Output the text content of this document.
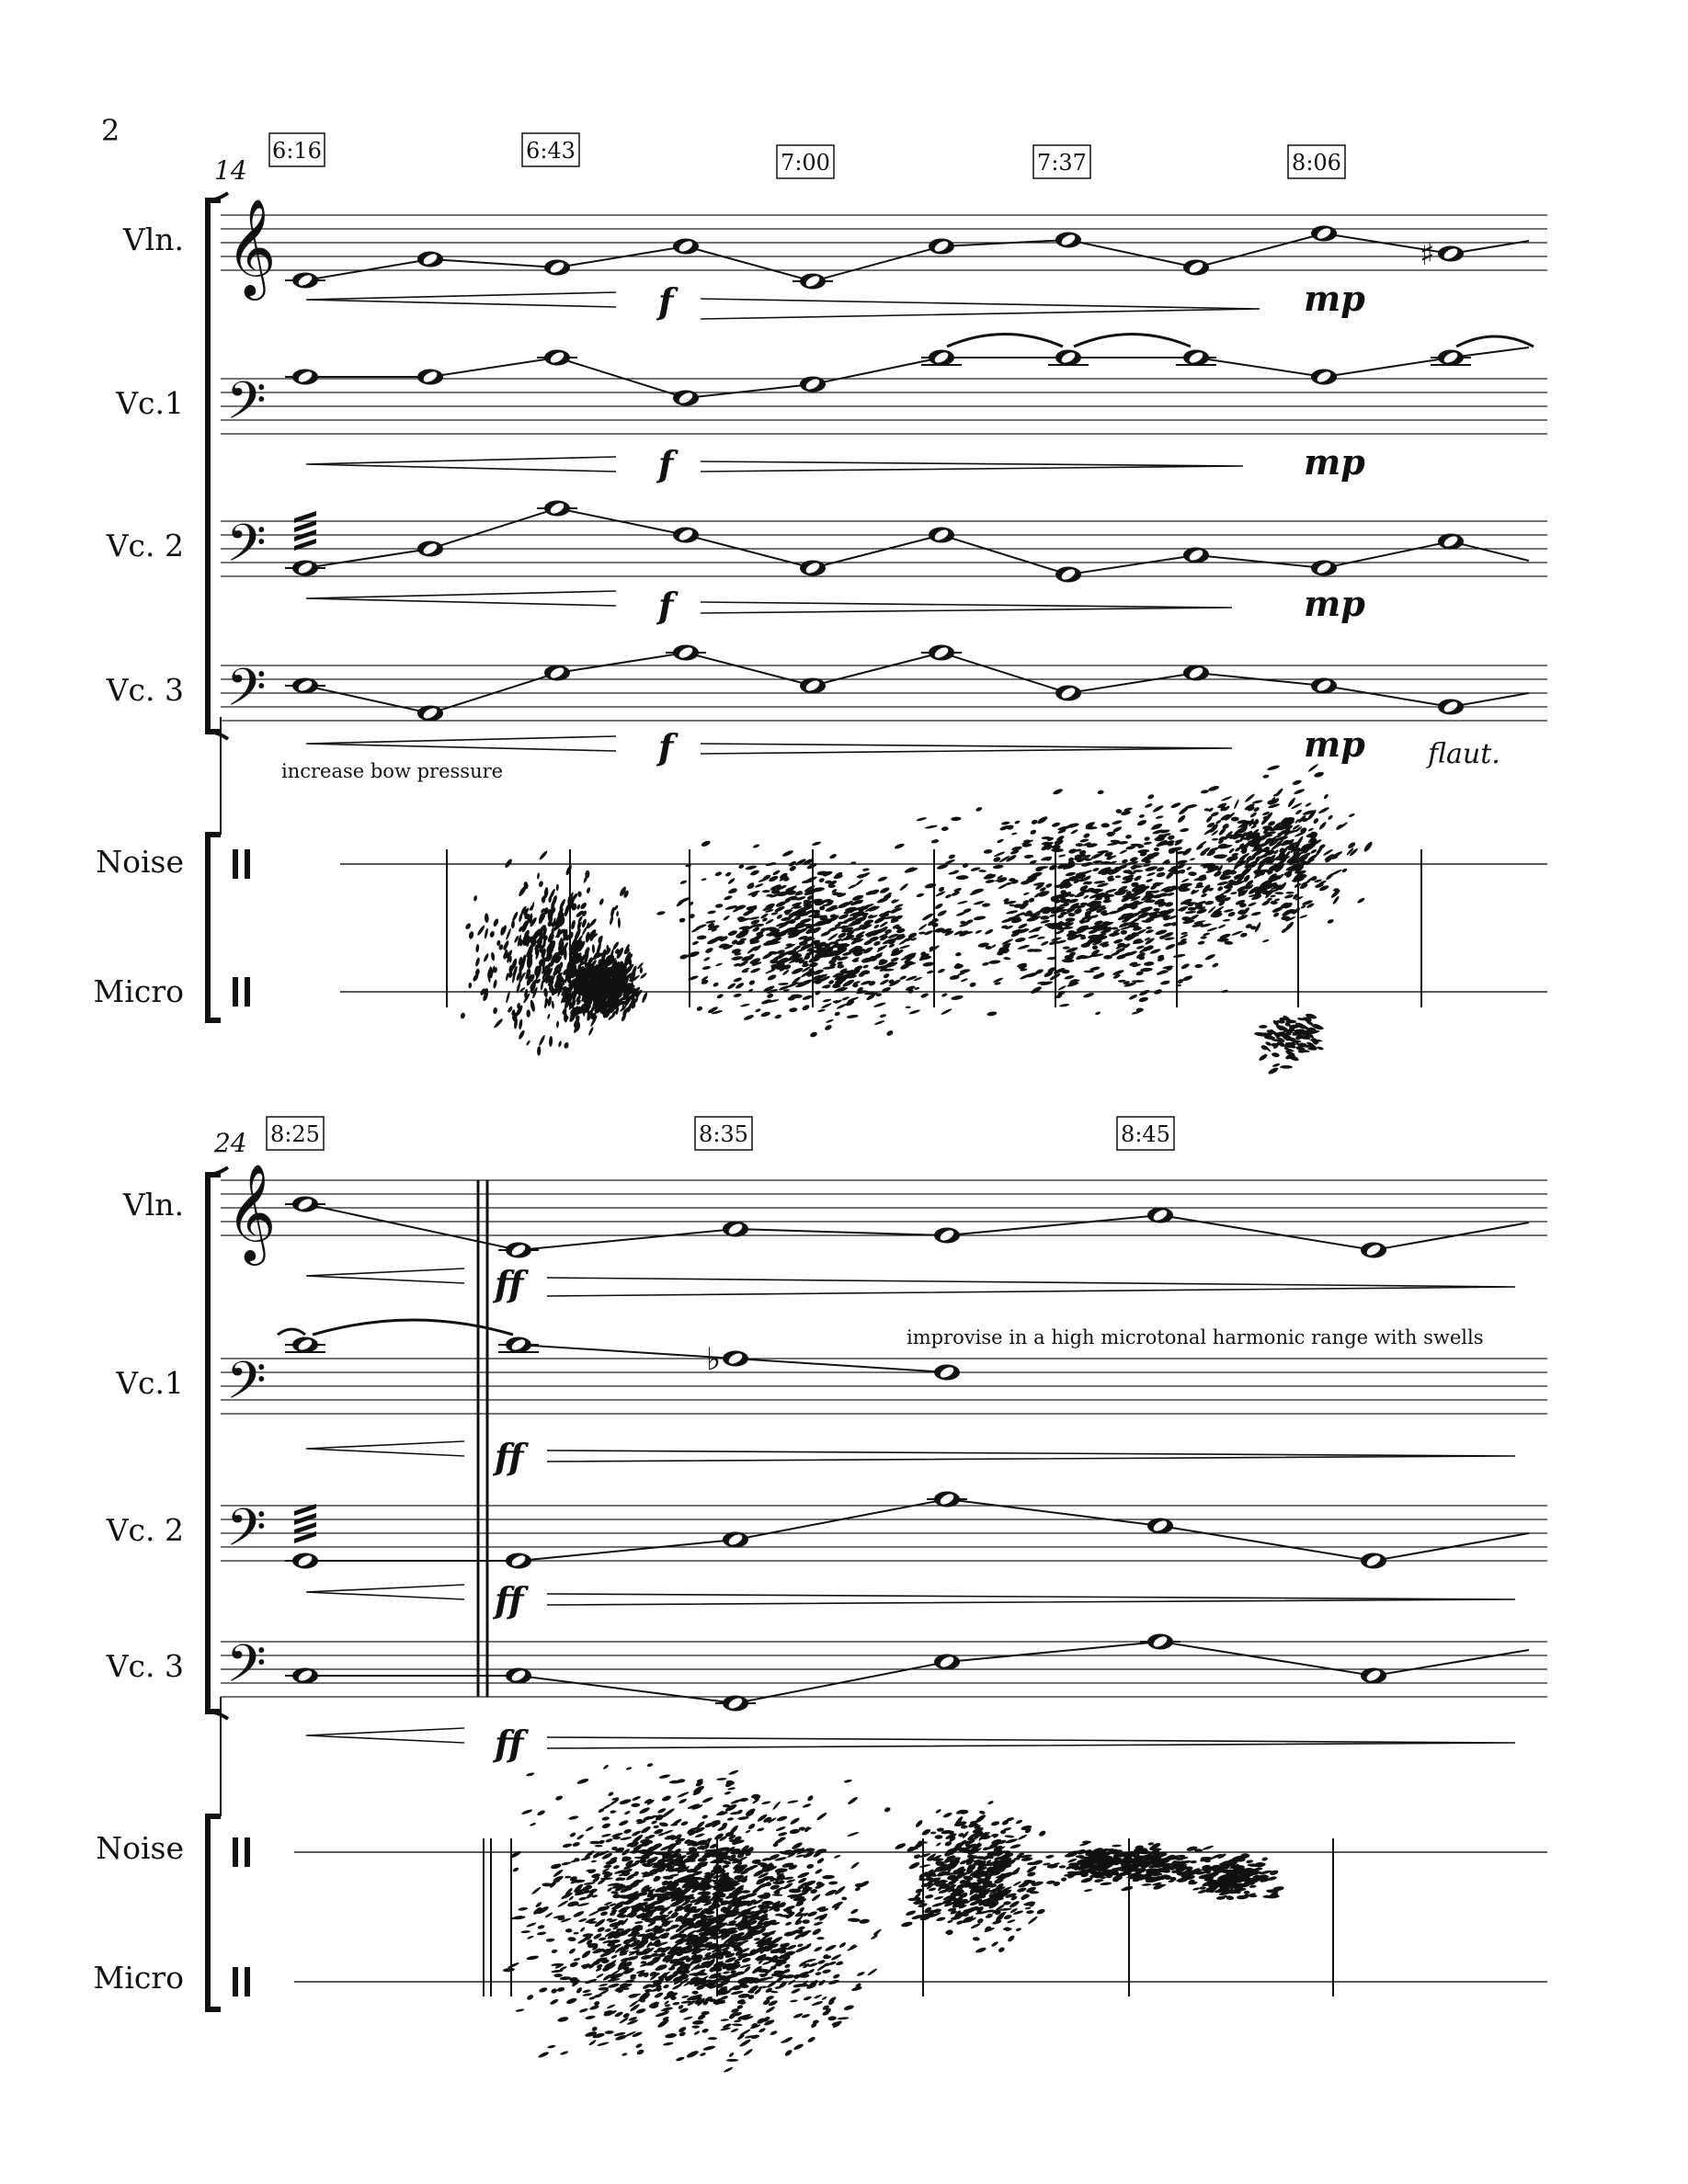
2
14
6:16	6:43	7:00	7:37	8:06
Vln.
Vc.1
Vc. 2
Vc. 3
𝄞
𝄢
𝄢
𝄢
♯
f
f
f
f
mp
mp
mp
mp
increase bow pressure
flaut.
Noise
Micro
24 8:25	8:35	8:45
Vln.
Vc.1
Vc. 2
Vc. 3
𝄞
𝄢
𝄢
𝄢
♭
improvise in a high microtonal harmonic range with swells
ff
ff
ff
ff
Noise
Micro
